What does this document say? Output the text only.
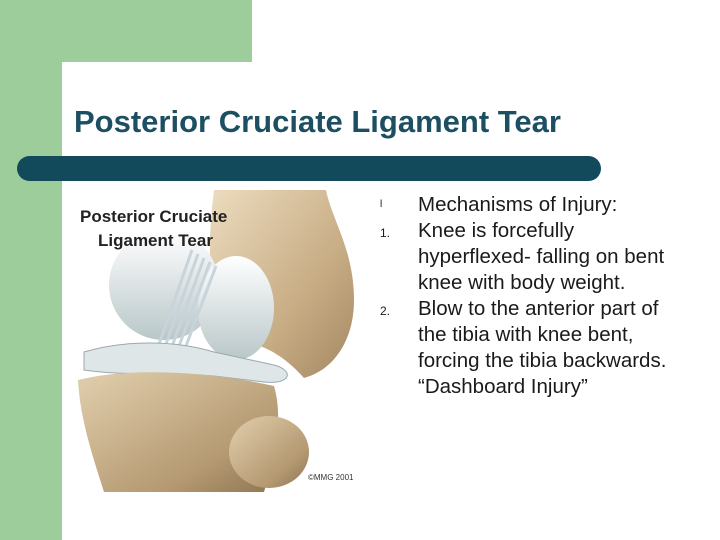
Posterior Cruciate Ligament Tear
Posterior Cruciate Ligament Tear
©MMG 2001
l	Mechanisms of Injury:
1.	Knee is forcefully hyperflexed- falling on bent knee with body weight.
2.	Blow to the anterior part of the tibia with knee bent, forcing the tibia backwards. “Dashboard Injury”
